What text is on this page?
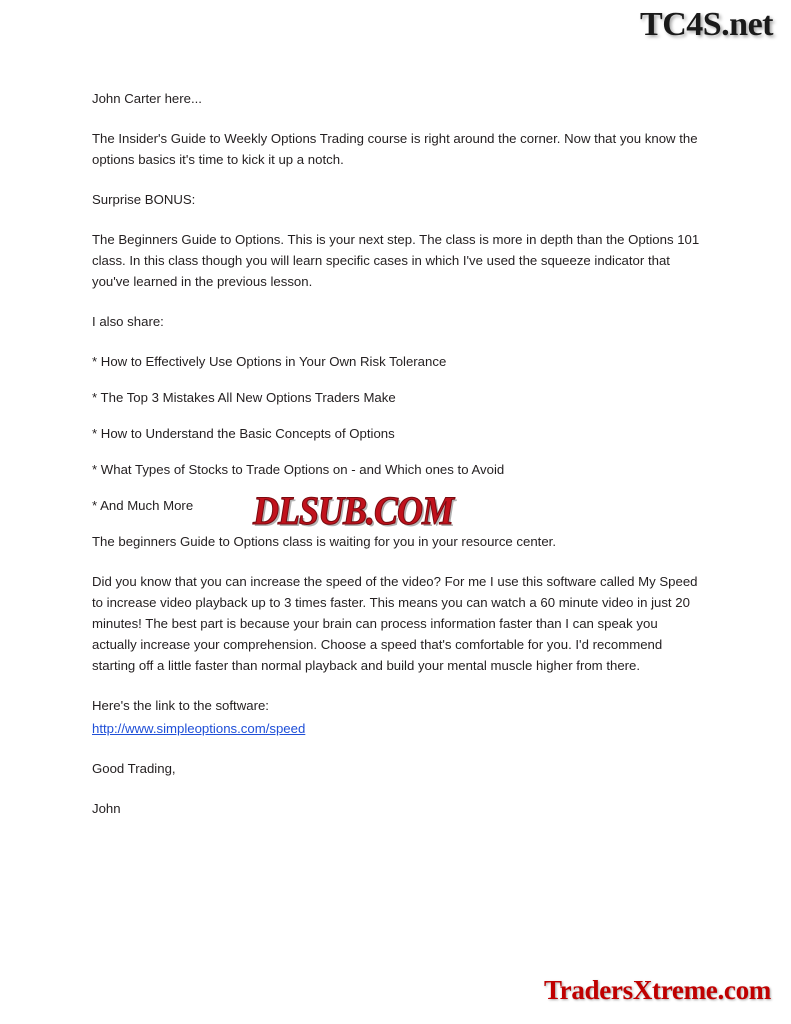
TC4S.net

John Carter here...

The Insider's Guide to Weekly Options Trading course is right around the corner. Now that you know the options basics it's time to kick it up a notch.

Surprise BONUS:

The Beginners Guide to Options. This is your next step. The class is more in depth than the Options 101 class. In this class though you will learn specific cases in which I've used the squeeze indicator that you've learned in the previous lesson.

I also share:

* How to Effectively Use Options in Your Own Risk Tolerance

* The Top 3 Mistakes All New Options Traders Make

* How to Understand the Basic Concepts of Options

* What Types of Stocks to Trade Options on - and Which ones to Avoid

* And Much More

The beginners Guide to Options class is waiting for you in your resource center.

Did you know that you can increase the speed of the video? For me I use this software called My Speed to increase video playback up to 3 times faster. This means you can watch a 60 minute video in just 20 minutes! The best part is because your brain can process information faster than I can speak you actually increase your comprehension. Choose a speed that's comfortable for you. I'd recommend starting off a little faster than normal playback and build your mental muscle higher from there.

Here's the link to the software:

http://www.simpleoptions.com/speed

Good Trading,

John

DLSUB.COM
TradersXtreme.com
